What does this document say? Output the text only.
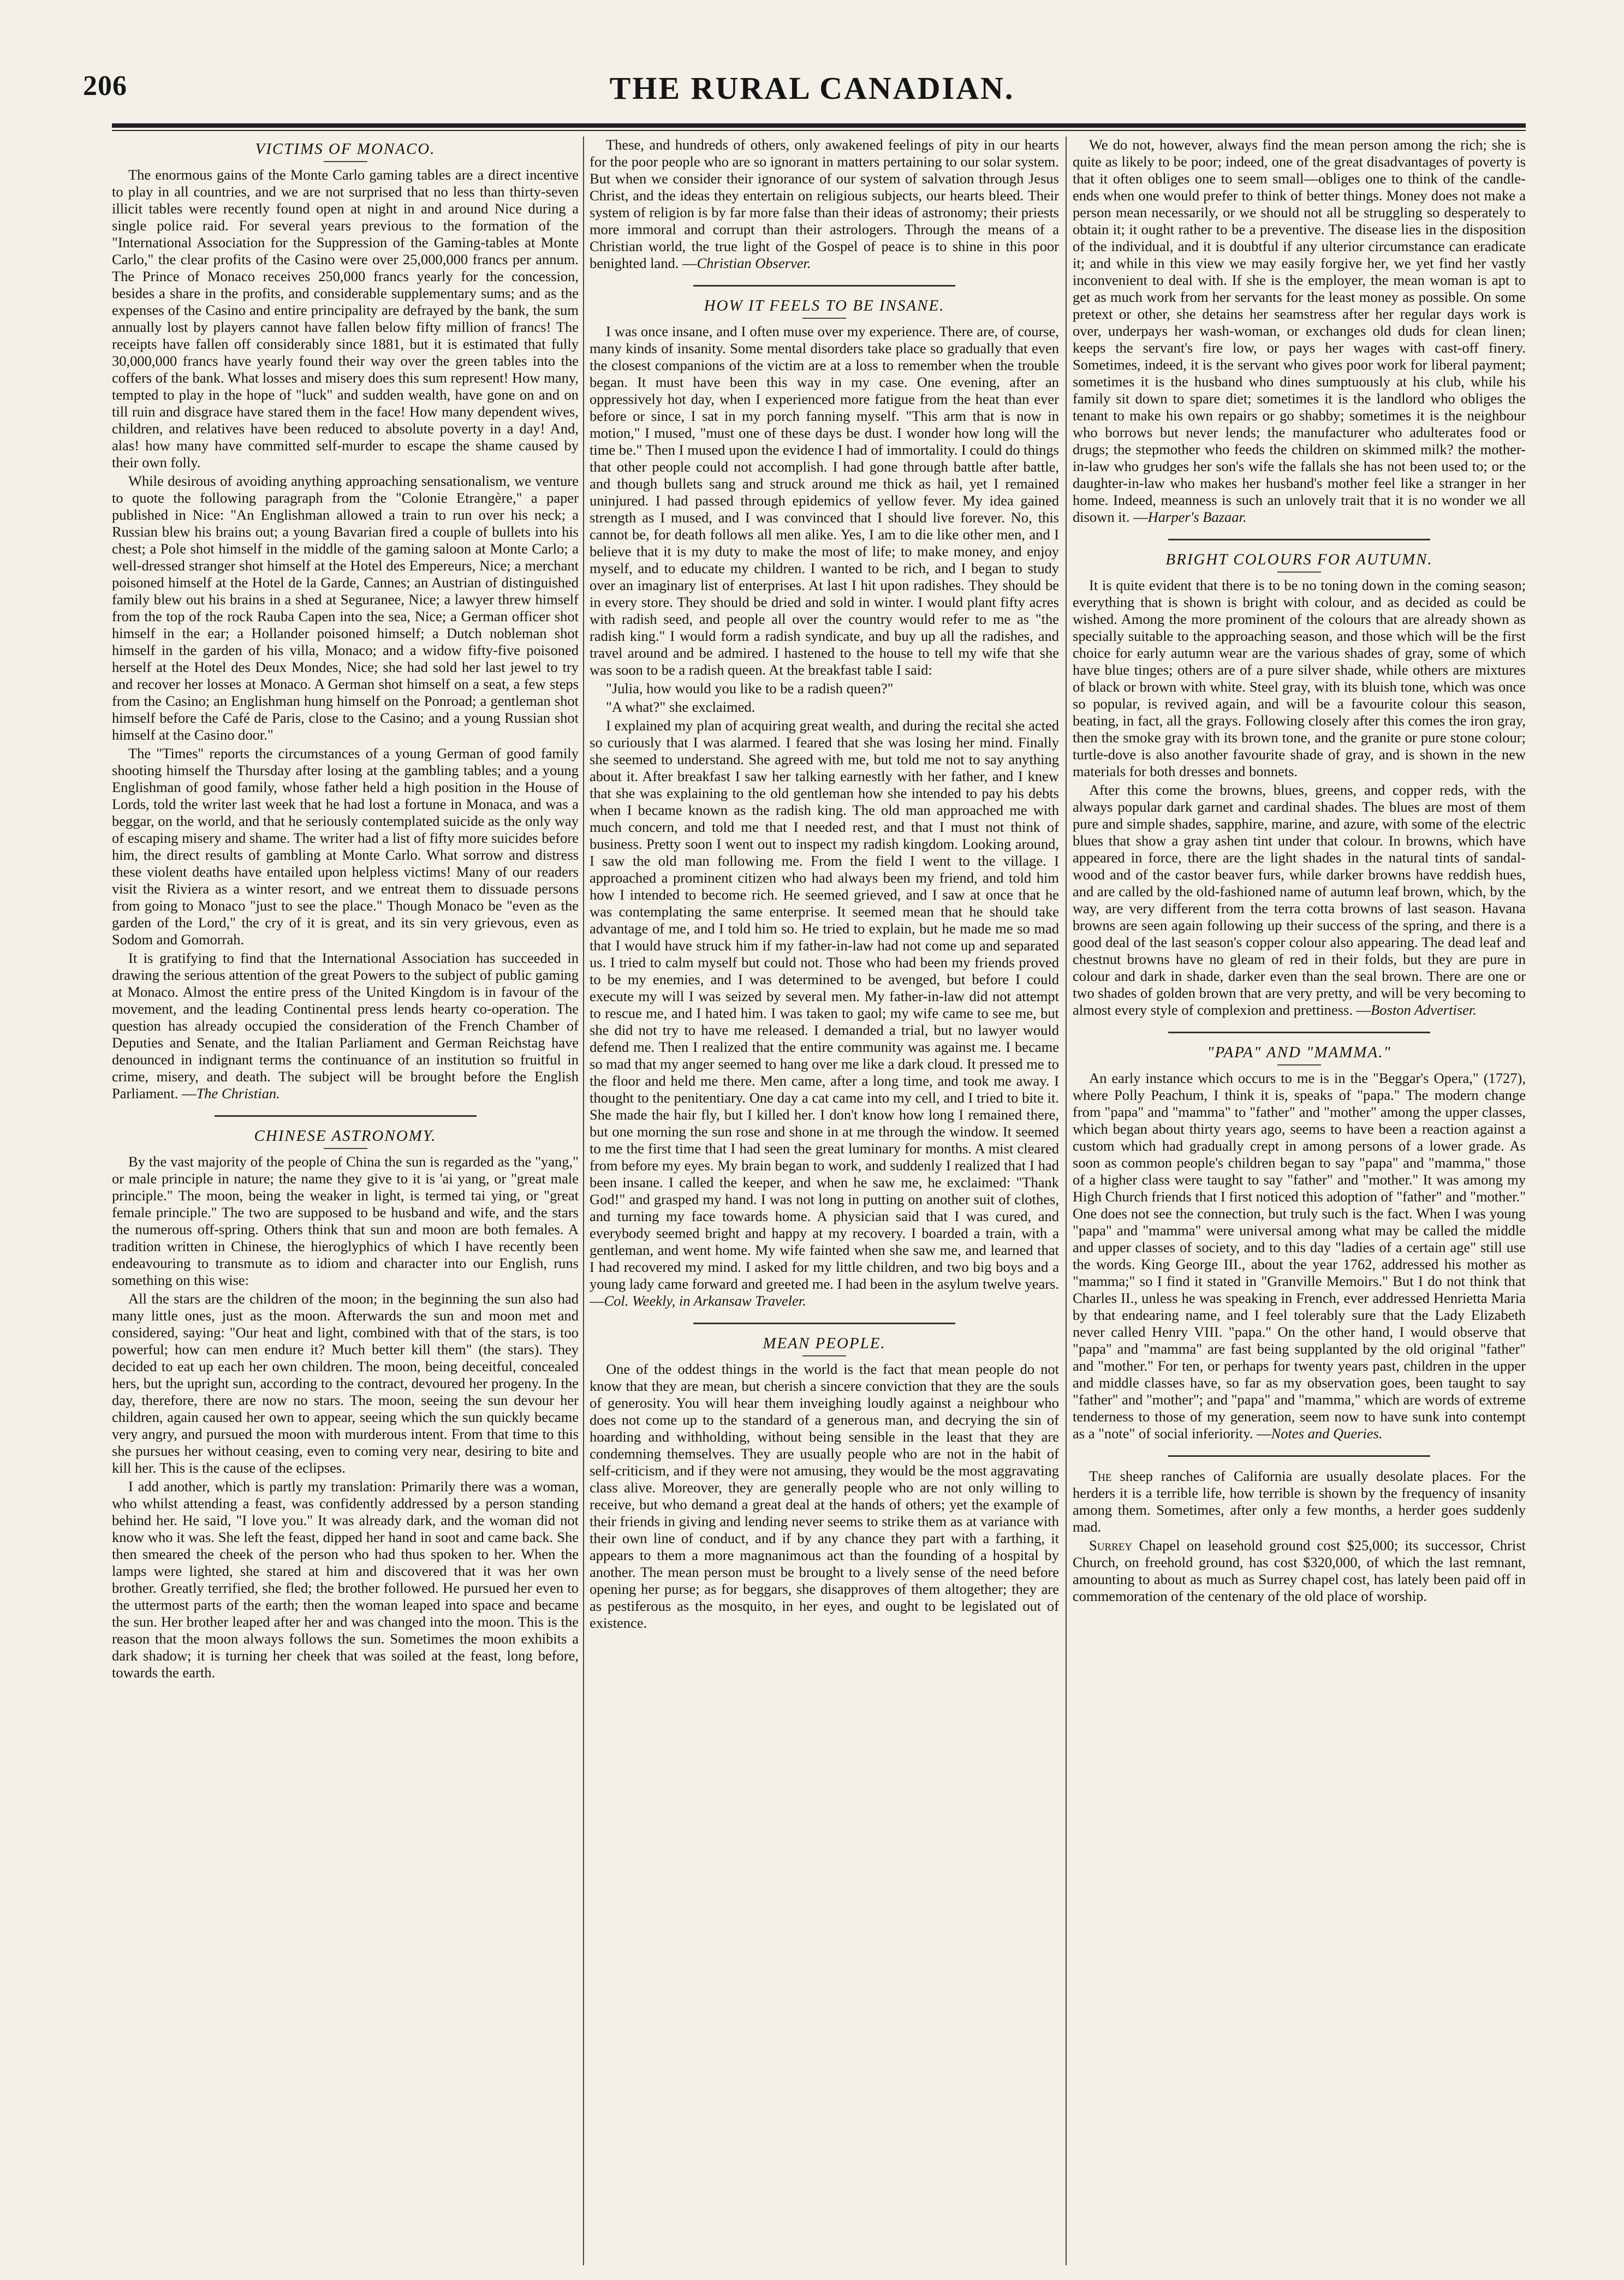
206	THE RURAL CANADIAN.
VICTIMS OF MONACO.

The enormous gains of the Monte Carlo gaming tables are a direct incentive to play in all countries, and we are not surprised that no less than thirty-seven illicit tables were recently found open at night in and around Nice during a single police raid. For several years previous to the formation of the "International Association for the Suppression of the Gaming-tables at Monte Carlo," the clear profits of the Casino were over 25,000,000 francs per annum. The Prince of Monaco receives 250,000 francs yearly for the concession, besides a share in the profits, and considerable supplementary sums; and as the expenses of the Casino and entire principality are defrayed by the bank, the sum annually lost by players cannot have fallen below fifty million of francs! The receipts have fallen off considerably since 1881, but it is estimated that fully 30,000,000 francs have yearly found their way over the green tables into the coffers of the bank. What losses and misery does this sum represent! How many, tempted to play in the hope of "luck" and sudden wealth, have gone on and on till ruin and disgrace have stared them in the face! How many dependent wives, children, and relatives have been reduced to absolute poverty in a day! And, alas! how many have committed self-murder to escape the shame caused by their own folly.

While desirous of avoiding anything approaching sensationalism, we venture to quote the following paragraph from the "Colonie Etrangère," a paper published in Nice: "An Englishman allowed a train to run over his neck; a Russian blew his brains out; a young Bavarian fired a couple of bullets into his chest; a Pole shot himself in the middle of the gaming saloon at Monte Carlo; a well-dressed stranger shot himself at the Hotel des Empereurs, Nice; a merchant poisoned himself at the Hotel de la Garde, Cannes; an Austrian of distinguished family blew out his brains in a shed at Seguranee, Nice; a lawyer threw himself from the top of the rock Rauba Capen into the sea, Nice; a German officer shot himself in the ear; a Hollander poisoned himself; a Dutch nobleman shot himself in the garden of his villa, Monaco; and a widow fifty-five poisoned herself at the Hotel des Deux Mondes, Nice; she had sold her last jewel to try and recover her losses at Monaco. A German shot himself on a seat, a few steps from the Casino; an Englishman hung himself on the Ponroad; a gentleman shot himself before the Café de Paris, close to the Casino; and a young Russian shot himself at the Casino door."

The "Times" reports the circumstances of a young German of good family shooting himself the Thursday after losing at the gambling tables; and a young Englishman of good family, whose father held a high position in the House of Lords, told the writer last week that he had lost a fortune in Monaca, and was a beggar, on the world, and that he seriously contemplated suicide as the only way of escaping misery and shame. The writer had a list of fifty more suicides before him, the direct results of gambling at Monte Carlo. What sorrow and distress these violent deaths have entailed upon helpless victims! Many of our readers visit the Riviera as a winter resort, and we entreat them to dissuade persons from going to Monaco "just to see the place." Though Monaco be "even as the garden of the Lord," the cry of it is great, and its sin very grievous, even as Sodom and Gomorrah.

It is gratifying to find that the International Association has succeeded in drawing the serious attention of the great Powers to the subject of public gaming at Monaco. Almost the entire press of the United Kingdom is in favour of the movement, and the leading Continental press lends hearty co-operation. The question has already occupied the consideration of the French Chamber of Deputies and Senate, and the Italian Parliament and German Reichstag have denounced in indignant terms the continuance of an institution so fruitful in crime, misery, and death. The subject will be brought before the English Parliament. —The Christian.

CHINESE ASTRONOMY.

By the vast majority of the people of China the sun is regarded as the "yang," or male principle in nature; the name they give to it is 'ai yang, or "great male principle." The moon, being the weaker in light, is termed tai ying, or "great female principle." The two are supposed to be husband and wife, and the stars the numerous off-spring. Others think that sun and moon are both females. A tradition written in Chinese, the hieroglyphics of which I have recently been endeavouring to transmute as to idiom and character into our English, runs something on this wise:

All the stars are the children of the moon; in the beginning the sun also had many little ones, just as the moon. Afterwards the sun and moon met and considered, saying: "Our heat and light, combined with that of the stars, is too powerful; how can men endure it? Much better kill them" (the stars). They decided to eat up each her own children. The moon, being deceitful, concealed hers, but the upright sun, according to the contract, devoured her progeny. In the day, therefore, there are now no stars. The moon, seeing the sun devour her children, again caused her own to appear, seeing which the sun quickly became very angry, and pursued the moon with murderous intent. From that time to this she pursues her without ceasing, even to coming very near, desiring to bite and kill her. This is the cause of the eclipses.

I add another, which is partly my translation: Primarily there was a woman, who whilst attending a feast, was confidently addressed by a person standing behind her. He said, "I love you." It was already dark, and the woman did not know who it was. She left the feast, dipped her hand in soot and came back. She then smeared the cheek of the person who had thus spoken to her. When the lamps were lighted, she stared at him and discovered that it was her own brother. Greatly terrified, she fled; the brother followed. He pursued her even to the uttermost parts of the earth; then the woman leaped into space and became the sun. Her brother leaped after her and was changed into the moon. This is the reason that the moon always follows the sun. Sometimes the moon exhibits a dark shadow; it is turning her cheek that was soiled at the feast, long before, towards the earth.

These, and hundreds of others, only awakened feelings of pity in our hearts for the poor people who are so ignorant in matters pertaining to our solar system. But when we consider their ignorance of our system of salvation through Jesus Christ, and the ideas they entertain on religious subjects, our hearts bleed. Their system of religion is by far more false than their ideas of astronomy; their priests more immoral and corrupt than their astrologers. Through the means of a Christian world, the true light of the Gospel of peace is to shine in this poor benighted land. —Christian Observer.

HOW IT FEELS TO BE INSANE.

I was once insane, and I often muse over my experience. There are, of course, many kinds of insanity. Some mental disorders take place so gradually that even the closest companions of the victim are at a loss to remember when the trouble began. It must have been this way in my case. One evening, after an oppressively hot day, when I experienced more fatigue from the heat than ever before or since, I sat in my porch fanning myself. "This arm that is now in motion," I mused, "must one of these days be dust. I wonder how long will the time be." Then I mused upon the evidence I had of immortality. I could do things that other people could not accomplish. I had gone through battle after battle, and though bullets sang and struck around me thick as hail, yet I remained uninjured. I had passed through epidemics of yellow fever. My idea gained strength as I mused, and I was convinced that I should live forever. No, this cannot be, for death follows all men alike. Yes, I am to die like other men, and I believe that it is my duty to make the most of life; to make money, and enjoy myself, and to educate my children. I wanted to be rich, and I began to study over an imaginary list of enterprises. At last I hit upon radishes. They should be in every store. They should be dried and sold in winter. I would plant fifty acres with radish seed, and people all over the country would refer to me as "the radish king." I would form a radish syndicate, and buy up all the radishes, and travel around and be admired. I hastened to the house to tell my wife that she was soon to be a radish queen. At the breakfast table I said:

"Julia, how would you like to be a radish queen?"

"A what?" she exclaimed.

I explained my plan of acquiring great wealth, and during the recital she acted so curiously that I was alarmed. I feared that she was losing her mind. Finally she seemed to understand. She agreed with me, but told me not to say anything about it. After breakfast I saw her talking earnestly with her father, and I knew that she was explaining to the old gentleman how she intended to pay his debts when I became known as the radish king. The old man approached me with much concern, and told me that I needed rest, and that I must not think of business. Pretty soon I went out to inspect my radish kingdom. Looking around, I saw the old man following me. From the field I went to the village. I approached a prominent citizen who had always been my friend, and told him how I intended to become rich. He seemed grieved, and I saw at once that he was contemplating the same enterprise. It seemed mean that he should take advantage of me, and I told him so. He tried to explain, but he made me so mad that I would have struck him if my father-in-law had not come up and separated us. I tried to calm myself but could not. Those who had been my friends proved to be my enemies, and I was determined to be avenged, but before I could execute my will I was seized by several men. My father-in-law did not attempt to rescue me, and I hated him. I was taken to gaol; my wife came to see me, but she did not try to have me released. I demanded a trial, but no lawyer would defend me. Then I realized that the entire community was against me. I became so mad that my anger seemed to hang over me like a dark cloud. It pressed me to the floor and held me there. Men came, after a long time, and took me away. I thought to the penitentiary. One day a cat came into my cell, and I tried to bite it. She made the hair fly, but I killed her. I don't know how long I remained there, but one morning the sun rose and shone in at me through the window. It seemed to me the first time that I had seen the great luminary for months. A mist cleared from before my eyes. My brain began to work, and suddenly I realized that I had been insane. I called the keeper, and when he saw me, he exclaimed: "Thank God!" and grasped my hand. I was not long in putting on another suit of clothes, and turning my face towards home. A physician said that I was cured, and everybody seemed bright and happy at my recovery. I boarded a train, with a gentleman, and went home. My wife fainted when she saw me, and learned that I had recovered my mind. I asked for my little children, and two big boys and a young lady came forward and greeted me. I had been in the asylum twelve years. —Col. Weekly, in Arkansaw Traveler.

MEAN PEOPLE.

One of the oddest things in the world is the fact that mean people do not know that they are mean, but cherish a sincere conviction that they are the souls of generosity. You will hear them inveighing loudly against a neighbour who does not come up to the standard of a generous man, and decrying the sin of hoarding and withholding, without being sensible in the least that they are condemning themselves. They are usually people who are not in the habit of self-criticism, and if they were not amusing, they would be the most aggravating class alive. Moreover, they are generally people who are not only willing to receive, but who demand a great deal at the hands of others; yet the example of their friends in giving and lending never seems to strike them as at variance with their own line of conduct, and if by any chance they part with a farthing, it appears to them a more magnanimous act than the founding of a hospital by another. The mean person must be brought to a lively sense of the need before opening her purse; as for beggars, she disapproves of them altogether; they are as pestiferous as the mosquito, in her eyes, and ought to be legislated out of existence.

We do not, however, always find the mean person among the rich; she is quite as likely to be poor; indeed, one of the great disadvantages of poverty is that it often obliges one to seem small—obliges one to think of the candle-ends when one would prefer to think of better things. Money does not make a person mean necessarily, or we should not all be struggling so desperately to obtain it; it ought rather to be a preventive. The disease lies in the disposition of the individual, and it is doubtful if any ulterior circumstance can eradicate it; and while in this view we may easily forgive her, we yet find her vastly inconvenient to deal with. If she is the employer, the mean woman is apt to get as much work from her servants for the least money as possible. On some pretext or other, she detains her seamstress after her regular days work is over, underpays her wash-woman, or exchanges old duds for clean linen; keeps the servant's fire low, or pays her wages with cast-off finery. Sometimes, indeed, it is the servant who gives poor work for liberal payment; sometimes it is the husband who dines sumptuously at his club, while his family sit down to spare diet; sometimes it is the landlord who obliges the tenant to make his own repairs or go shabby; sometimes it is the neighbour who borrows but never lends; the manufacturer who adulterates food or drugs; the stepmother who feeds the children on skimmed milk? the mother-in-law who grudges her son's wife the fallals she has not been used to; or the daughter-in-law who makes her husband's mother feel like a stranger in her home. Indeed, meanness is such an unlovely trait that it is no wonder we all disown it. —Harper's Bazaar.

BRIGHT COLOURS FOR AUTUMN.

It is quite evident that there is to be no toning down in the coming season; everything that is shown is bright with colour, and as decided as could be wished. Among the more prominent of the colours that are already shown as specially suitable to the approaching season, and those which will be the first choice for early autumn wear are the various shades of gray, some of which have blue tinges; others are of a pure silver shade, while others are mixtures of black or brown with white. Steel gray, with its bluish tone, which was once so popular, is revived again, and will be a favourite colour this season, beating, in fact, all the grays. Following closely after this comes the iron gray, then the smoke gray with its brown tone, and the granite or pure stone colour; turtle-dove is also another favourite shade of gray, and is shown in the new materials for both dresses and bonnets.

After this come the browns, blues, greens, and copper reds, with the always popular dark garnet and cardinal shades. The blues are most of them pure and simple shades, sapphire, marine, and azure, with some of the electric blues that show a gray ashen tint under that colour. In browns, which have appeared in force, there are the light shades in the natural tints of sandal-wood and of the castor beaver furs, while darker browns have reddish hues, and are called by the old-fashioned name of autumn leaf brown, which, by the way, are very different from the terra cotta browns of last season. Havana browns are seen again following up their success of the spring, and there is a good deal of the last season's copper colour also appearing. The dead leaf and chestnut browns have no gleam of red in their folds, but they are pure in colour and dark in shade, darker even than the seal brown. There are one or two shades of golden brown that are very pretty, and will be very becoming to almost every style of complexion and prettiness. —Boston Advertiser.

"PAPA" AND "MAMMA."

An early instance which occurs to me is in the "Beggar's Opera," (1727), where Polly Peachum, I think it is, speaks of "papa." The modern change from "papa" and "mamma" to "father" and "mother" among the upper classes, which began about thirty years ago, seems to have been a reaction against a custom which had gradually crept in among persons of a lower grade. As soon as common people's children began to say "papa" and "mamma," those of a higher class were taught to say "father" and "mother." It was among my High Church friends that I first noticed this adoption of "father" and "mother." One does not see the connection, but truly such is the fact. When I was young "papa" and "mamma" were universal among what may be called the middle and upper classes of society, and to this day "ladies of a certain age" still use the words. King George III., about the year 1762, addressed his mother as "mamma;" so I find it stated in "Granville Memoirs." But I do not think that Charles II., unless he was speaking in French, ever addressed Henrietta Maria by that endearing name, and I feel tolerably sure that the Lady Elizabeth never called Henry VIII. "papa." On the other hand, I would observe that "papa" and "mamma" are fast being supplanted by the old original "father" and "mother." For ten, or perhaps for twenty years past, children in the upper and middle classes have, so far as my observation goes, been taught to say "father" and "mother"; and "papa" and "mamma," which are words of extreme tenderness to those of my generation, seem now to have sunk into contempt as a "note" of social inferiority. —Notes and Queries.

The sheep ranches of California are usually desolate places. For the herders it is a terrible life, how terrible is shown by the frequency of insanity among them. Sometimes, after only a few months, a herder goes suddenly mad.

Surrey Chapel on leasehold ground cost $25,000; its successor, Christ Church, on freehold ground, has cost $320,000, of which the last remnant, amounting to about as much as Surrey chapel cost, has lately been paid off in commemoration of the centenary of the old place of worship.
